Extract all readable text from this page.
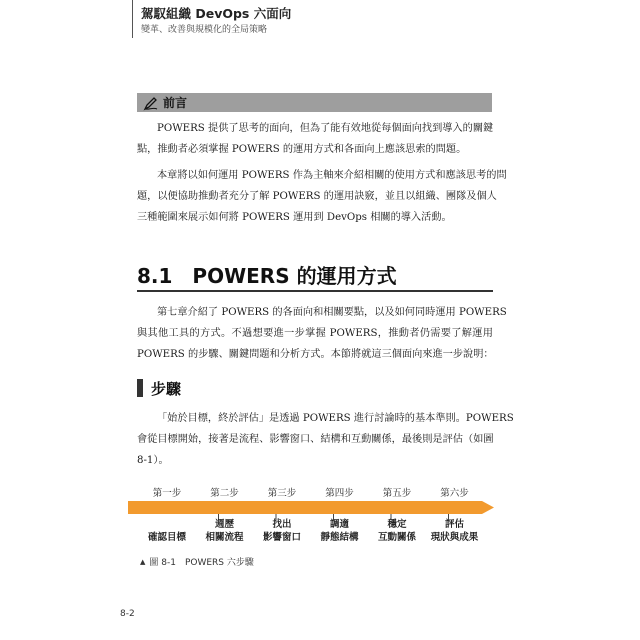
駕馭組織 DevOps 六面向
變革、改善與規模化的全局策略
前言
POWERS 提供了思考的面向，但為了能有效地從每個面向找到導入的關鍵
點，推動者必須掌握 POWERS 的運用方式和各面向上應該思索的問題。
本章將以如何運用 POWERS 作為主軸來介紹相關的使用方式和應該思考的問
題，以便協助推動者充分了解 POWERS 的運用訣竅，並且以組織、團隊及個人
三種範圍來展示如何將 POWERS 運用到 DevOps 相關的導入活動。
8.1　POWERS 的運用方式
第七章介紹了 POWERS 的各面向和相關要點，以及如何同時運用 POWERS
與其他工具的方式。不過想要進一步掌握 POWERS，推動者仍需要了解運用
POWERS 的步驟、關鍵問題和分析方式。本節將就這三個面向來進一步說明：
步驟
「始於目標，終於評估」是透過 POWERS 進行討論時的基本準則。POWERS
會從目標開始，接著是流程、影響窗口、結構和互動關係，最後則是評估（如圖
8-1）。
第一步
確認目標
第二步
週歷
相關流程
第三步
找出
影響窗口
第四步
調適
靜態結構
第五步
穩定
互動關係
第六步
評估
現狀與成果
▲ 圖 8-1　POWERS 六步驟
8-2
